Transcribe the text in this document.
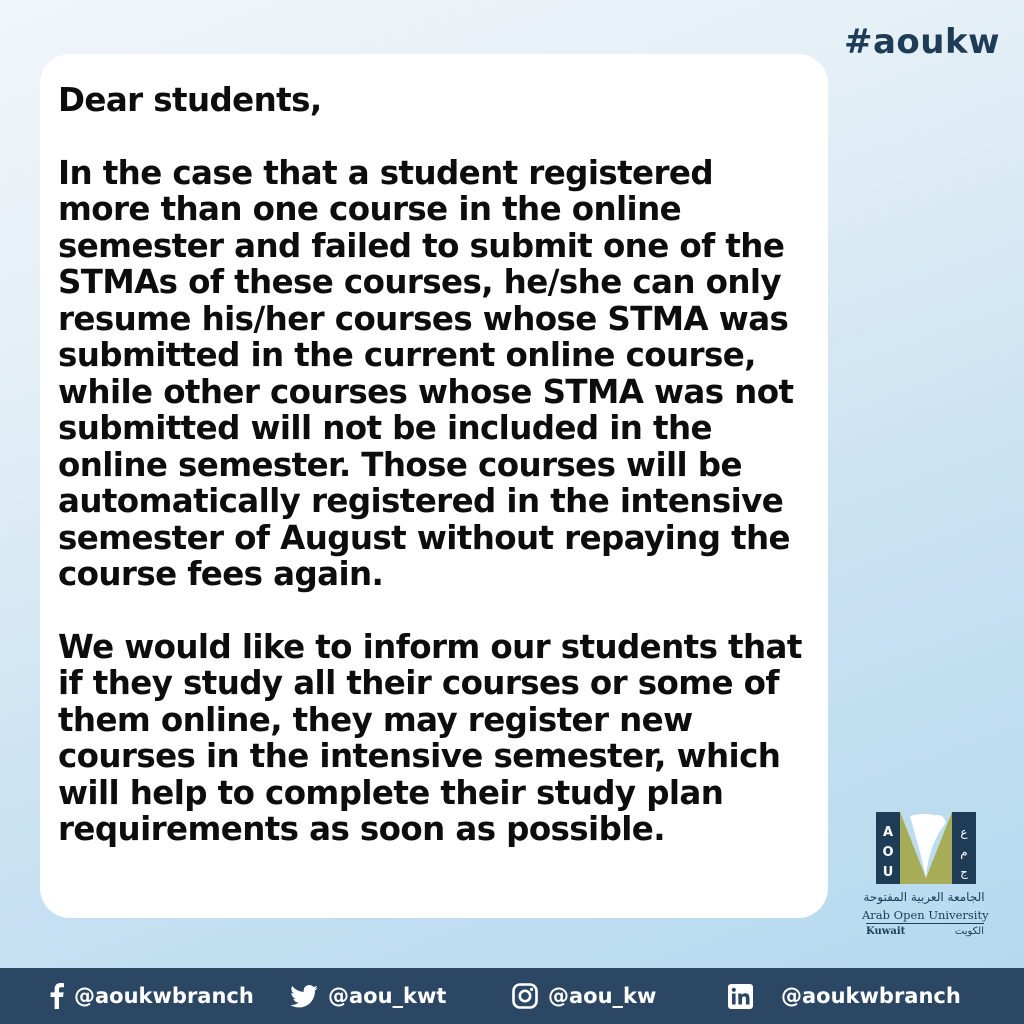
#aoukw

Dear students,

In the case that a student registered more than one course in the online semester and failed to submit one of the STMAs of these courses, he/she can only resume his/her courses whose STMA was submitted in the current online course, while other courses whose STMA was not submitted will not be included in the online semester. Those courses will be automatically registered in the intensive semester of August without repaying the course fees again.

We would like to inform our students that if they study all their courses or some of them online, they may register new courses in the intensive semester, which will help to complete their study plan requirements as soon as possible.	A
O
U
ع
م
ج
الجامعة العربية المفتوحة
Arab Open University
Kuwait	الكويت
@aoukwbranch	@aou_kwt	@aou_kw	@aoukwbranch
